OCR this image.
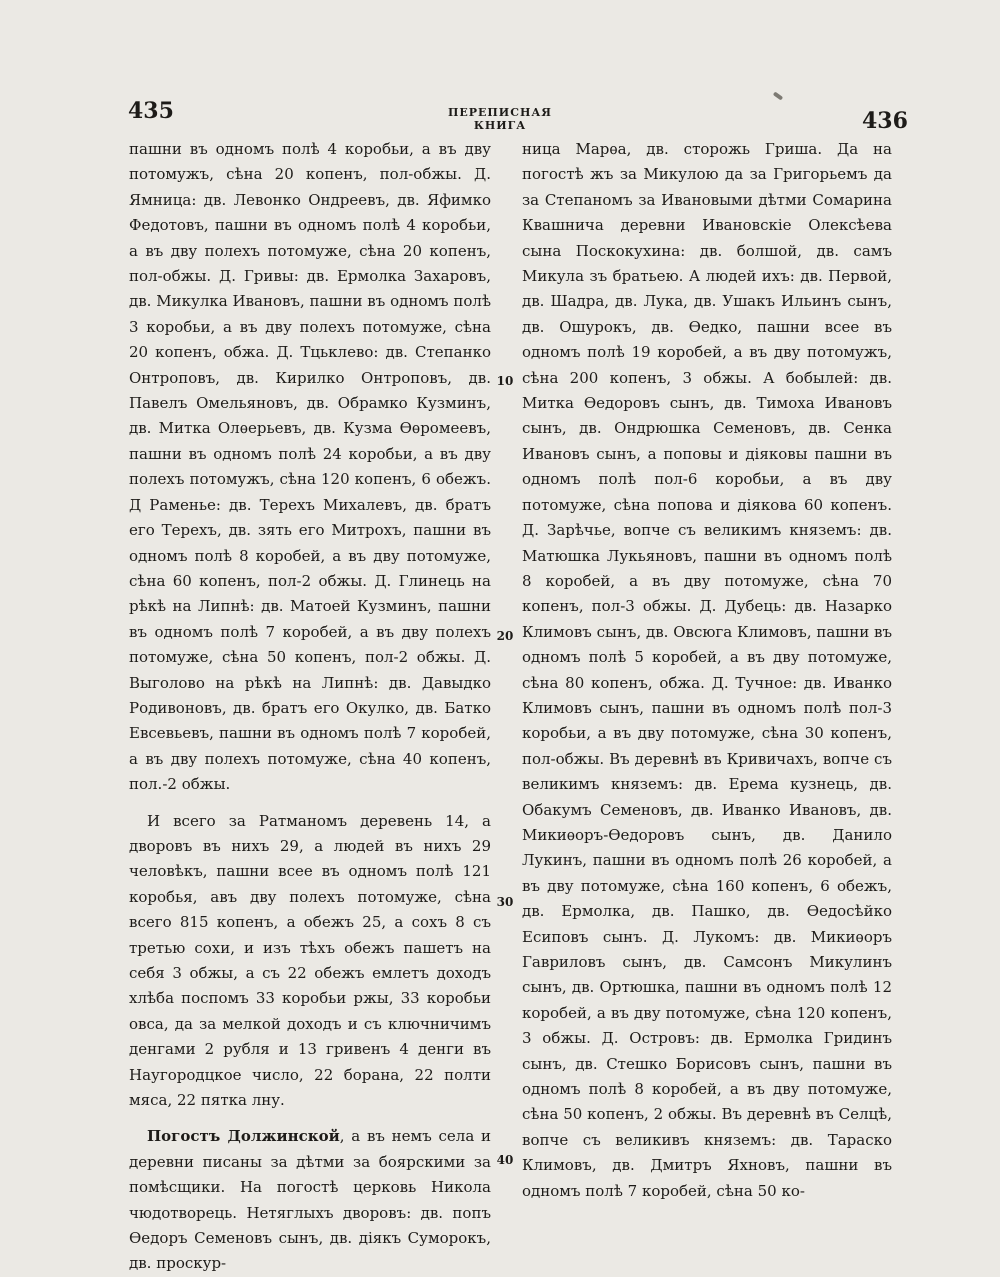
435	ПЕРЕПИСНАЯ КНИГА	436

пашни въ одномъ полѣ 4 коробьи, а въ дву потомужъ, сѣна 20 копенъ, пол-обжы. Д. Ямница: дв. Левонко Ондреевъ, дв. Яфимко Федотовъ, пашни въ одномъ полѣ 4 коробьи, а въ дву полехъ потомуже, сѣна 20 копенъ, пол-обжы. Д. Гривы: дв. Ермолка Захаровъ, дв. Микулка Ивановъ, пашни въ одномъ полѣ 3 коробьи, а въ дву полехъ потомуже, сѣна 20 копенъ, обжа. Д. Тцьклево: дв. Степанко Онтроповъ, дв. Кирилко Онтроповъ, дв. Павелъ Омельяновъ, дв. Обрамко Кузминъ, дв. Митка Олѳерьевъ, дв. Кузма Ѳѳромеевъ, пашни въ одномъ полѣ 24 коробьи, а въ дву полехъ потомужъ, сѣна 120 копенъ, 6 обежъ. Д Раменье: дв. Терехъ Михалевъ, дв. братъ его Терехъ, дв. зять его Митрохъ, пашни въ одномъ полѣ 8 коробей, а въ дву потомуже, сѣна 60 копенъ, пол-2 обжы. Д. Глинець на рѣкѣ на Липнѣ: дв. Матоей Кузминъ, пашни въ одномъ полѣ 7 коробей, а въ дву полехъ потомуже, сѣна 50 копенъ, пол-2 обжы. Д. Выголово на рѣкѣ на Липнѣ: дв. Давыдко Родивоновъ, дв. братъ его Окулко, дв. Батко Евсевьевъ, пашни въ одномъ полѣ 7 коробей, а въ дву полехъ потомуже, сѣна 40 копенъ, пол.-2 обжы.

И всего за Ратманомъ деревень 14, а дворовъ въ нихъ 29, а людей въ нихъ 29 человѣкъ, пашни всее въ одномъ полѣ 121 коробья, авъ дву полехъ потомуже, сѣна всего 815 копенъ, а обежъ 25, а сохъ 8 съ третью сохи, и изъ тѣхъ обежъ пашетъ на себя 3 обжы, а съ 22 обежъ емлетъ доходъ хлѣба поспомъ 33 коробьи ржы, 33 коробьи овса, да за мелкой доходъ и съ ключничимъ денгами 2 рубля и 13 гривенъ 4 денги въ Наугородцкое число, 22 борана, 22 полти мяса, 22 пятка лну.

Погостъ Должинской, а въ немъ села и деревни писаны за дѣтми за боярскими за помѣсщики. На погостѣ церковь Никола чюдотворець. Нетяглыхъ дворовъ: дв. попъ Ѳедоръ Семеновъ сынъ, дв. діякъ Суморокъ, дв. проскур-

10
20
30
40

ница Марѳа, дв. сторожь Гриша. Да на погостѣ жъ за Микулою да за Григорьемъ да за Степаномъ за Ивановыми дѣтми Сомарина Квашнича деревни Ивановскіе Олексѣева сына Поскокухина: дв. болшой, дв. самъ Микула зъ братьею. А людей ихъ: дв. Первой, дв. Шадра, дв. Лука, дв. Ушакъ Ильинъ сынъ, дв. Ошурокъ, дв. Ѳедко, пашни всее въ одномъ полѣ 19 коробей, а въ дву потомужъ, сѣна 200 копенъ, 3 обжы. А бобылей: дв. Митка Ѳедоровъ сынъ, дв. Тимоха Ивановъ сынъ, дв. Ондрюшка Семеновъ, дв. Сенка Ивановъ сынъ, а поповы и діяковы пашни въ одномъ полѣ пол-6 коробьи, а въ дву потомуже, сѣна попова и діякова 60 копенъ. Д. Зарѣчье, вопче съ великимъ княземъ: дв. Матюшка Лукьяновъ, пашни въ одномъ полѣ 8 коробей, а въ дву потомуже, сѣна 70 копенъ, пол-3 обжы. Д. Дубець: дв. Назарко Климовъ сынъ, дв. Овсюга Климовъ, пашни въ одномъ полѣ 5 коробей, а въ дву потомуже, сѣна 80 копенъ, обжа. Д. Тучное: дв. Иванко Климовъ сынъ, пашни въ одномъ полѣ пол-3 коробьи, а въ дву потомуже, сѣна 30 копенъ, пол-обжы. Въ деревнѣ въ Кривичахъ, вопче съ великимъ княземъ: дв. Ерема кузнець, дв. Обакумъ Семеновъ, дв. Иванко Ивановъ, дв. Микиѳоръ-Ѳедоровъ сынъ, дв. Данило Лукинъ, пашни въ одномъ полѣ 26 коробей, а въ дву потомуже, сѣна 160 копенъ, 6 обежъ, дв. Ермолка, дв. Пашко, дв. Ѳедосѣйко Есиповъ сынъ. Д. Лукомъ: дв. Микиѳоръ Гавриловъ сынъ, дв. Самсонъ Микулинъ сынъ, дв. Ортюшка, пашни въ одномъ полѣ 12 коробей, а въ дву потомуже, сѣна 120 копенъ, 3 обжы. Д. Островъ: дв. Ермолка Гридинъ сынъ, дв. Стешко Борисовъ сынъ, пашни въ одномъ полѣ 8 коробей, а въ дву потомуже, сѣна 50 копенъ, 2 обжы. Въ деревнѣ въ Селцѣ, вопче съ великивъ княземъ: дв. Тараско Климовъ, дв. Дмитръ Яхновъ, пашни въ одномъ полѣ 7 коробей, сѣна 50 ко-
